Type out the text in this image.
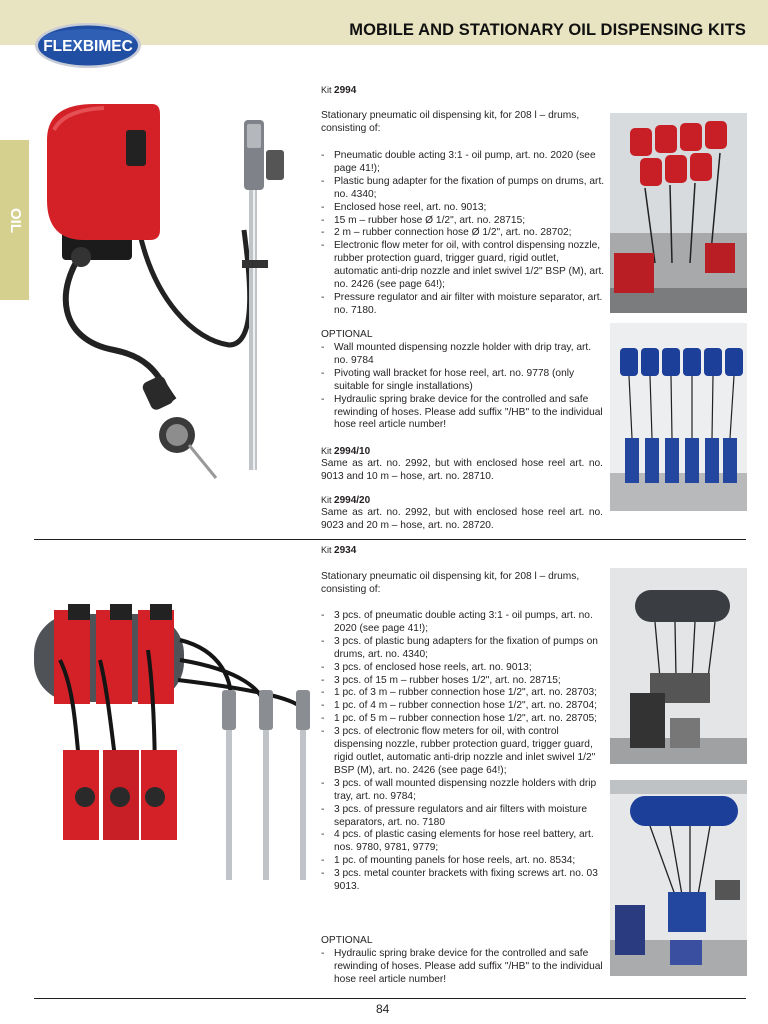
MOBILE AND STATIONARY OIL DISPENSING KITS
FLEXBIMEC
OIL
Kit 2994
Stationary pneumatic oil dispensing kit, for 208 l – drums, consisting of:
- Pneumatic double acting 3:1 - oil pump, art. no. 2020 (see page 41!);
- Plastic bung adapter for the fixation of pumps on drums, art. no. 4340;
- Enclosed hose reel, art. no. 9013;
- 15 m – rubber hose Ø 1/2", art. no. 28715;
- 2 m – rubber connection hose Ø 1/2", art. no. 28702;
- Electronic flow meter for oil, with control dispensing nozzle, rubber protection guard, trigger guard, rigid outlet, automatic anti-drip nozzle and inlet swivel 1/2" BSP (M), art. no. 2426 (see page 64!);
- Pressure regulator and air filter with moisture separator, art. no. 7180.
OPTIONAL
- Wall mounted dispensing nozzle holder with drip tray, art. no. 9784
- Pivoting wall bracket for hose reel, art. no. 9778 (only suitable for single installations)
- Hydraulic spring brake device for the controlled and safe rewinding of hoses. Please add suffix "/HB" to the individual hose reel article number!
Kit 2994/10
Same as art. no. 2992, but with enclosed hose reel art. no. 9013 and 10 m – hose, art. no. 28710.
Kit 2994/20
Same as art. no. 2992, but with enclosed hose reel art. no. 9023 and 20 m – hose, art. no. 28720.
Kit 2934
Stationary pneumatic oil dispensing kit, for 208 l – drums, consisting of:
- 3 pcs. of pneumatic double acting 3:1 - oil pumps, art. no. 2020 (see page 41!);
- 3 pcs. of plastic bung adapters for the fixation of pumps on drums, art. no. 4340;
- 3 pcs. of enclosed hose reels, art. no. 9013;
- 3 pcs. of 15 m – rubber hoses 1/2", art. no. 28715;
- 1 pc. of 3 m – rubber connection hose 1/2", art. no. 28703;
- 1 pc. of 4 m – rubber connection hose 1/2", art. no. 28704;
- 1 pc. of 5 m – rubber connection hose 1/2", art. no. 28705;
- 3 pcs. of electronic flow meters for oil, with control dispensing nozzle, rubber protection guard, trigger guard, rigid outlet, automatic anti-drip nozzle and inlet swivel 1/2" BSP (M), art. no. 2426 (see page 64!);
- 3 pcs. of wall mounted dispensing nozzle holders with drip tray, art. no. 9784;
- 3 pcs. of pressure regulators and air filters with moisture separators, art. no. 7180
- 4 pcs. of plastic casing elements for hose reel battery, art. nos. 9780, 9781, 9779;
- 1 pc. of mounting panels for hose reels, art. no. 8534;
- 3 pcs. metal counter brackets with fixing screws art. no. 03 9013.
OPTIONAL
- Hydraulic spring brake device for the controlled and safe rewinding of hoses. Please add suffix "/HB" to the individual hose reel article number!
84
